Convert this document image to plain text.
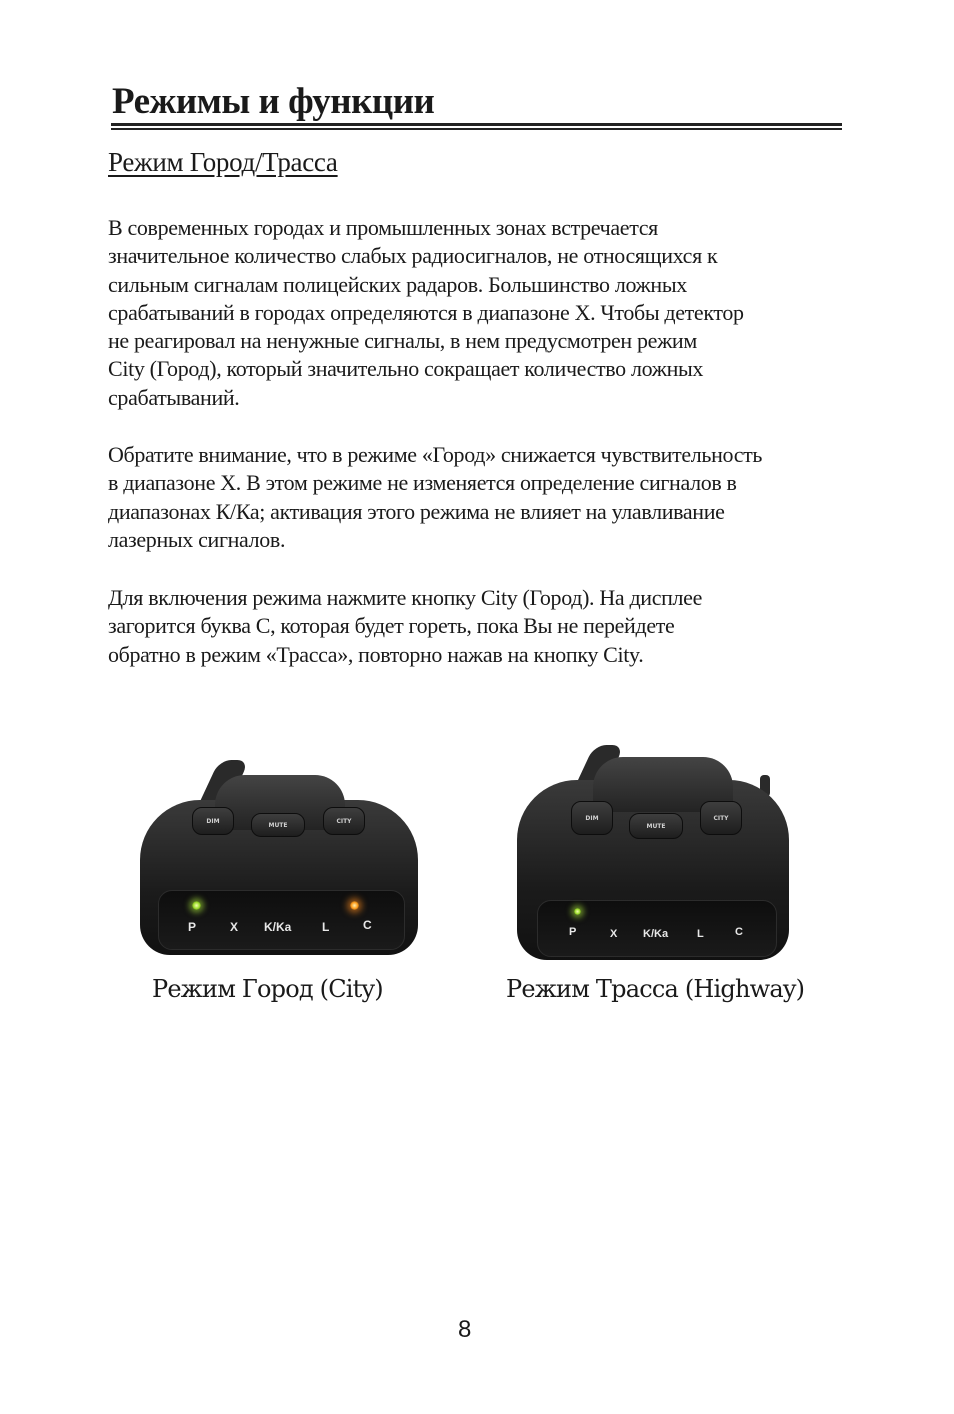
Режимы и функции
Режим Город/Трасса

В современных городах и промышленных зонах встречается
значительное количество слабых радиосигналов, не относящихся к
сильным сигналам полицейских радаров. Большинство ложных
срабатываний в городах определяются в диапазоне X. Чтобы детектор
не реагировал на ненужные сигналы, в нем предусмотрен режим
City (Город), который значительно сокращает количество ложных
срабатываний.

Обратите внимание, что в режиме «Город» снижается чувствительность
в диапазоне X. В этом режиме не изменяется определение сигналов в
диапазонах К/Ка; активация этого режима не влияет на улавливание
лазерных сигналов.

Для включения режима нажмите кнопку City (Город). На дисплее
загорится буква С, которая будет гореть, пока Вы не перейдете
обратно в режим «Трасса», повторно нажав на кнопку City.

DIM
MUTE
CITY
P	X K/Ka	L	C
Режим Город (City)
DIM
MUTE
CITY
P	X K/Ka	L	C
Режим Трасса (Highway)
8
